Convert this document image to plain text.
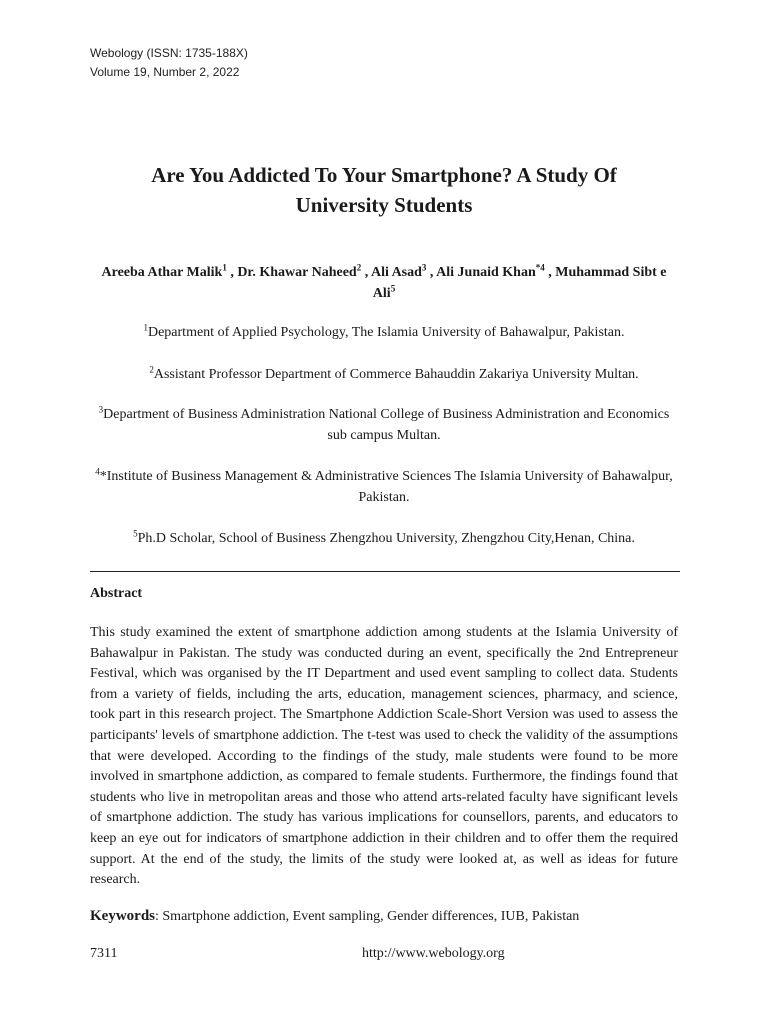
Webology (ISSN: 1735-188X)
Volume 19, Number 2, 2022
Are You Addicted To Your Smartphone? A Study Of
University Students
Areeba Athar Malik$^1$ , Dr. Khawar Naheed$^2$ , Ali Asad$^3$ , Ali Junaid Khan$^{*4}$ , Muhammad Sibt e Ali$^5$
$^1$Department of Applied Psychology, The Islamia University of Bahawalpur, Pakistan.
$^2$Assistant Professor Department of Commerce Bahauddin Zakariya University Multan.
$^3$Department of Business Administration National College of Business Administration and Economics sub campus Multan.
$^4$*Institute of Business Management & Administrative Sciences The Islamia University of Bahawalpur, Pakistan.
$^5$Ph.D Scholar, School of Business Zhengzhou University, Zhengzhou City,Henan, China.
Abstract
This study examined the extent of smartphone addiction among students at the Islamia University of Bahawalpur in Pakistan. The study was conducted during an event, specifically the 2nd Entrepreneur Festival, which was organised by the IT Department and used event sampling to collect data. Students from a variety of fields, including the arts, education, management sciences, pharmacy, and science, took part in this research project. The Smartphone Addiction Scale-Short Version was used to assess the participants' levels of smartphone addiction. The t-test was used to check the validity of the assumptions that were developed. According to the findings of the study, male students were found to be more involved in smartphone addiction, as compared to female students. Furthermore, the findings found that students who live in metropolitan areas and those who attend arts-related faculty have significant levels of smartphone addiction. The study has various implications for counsellors, parents, and educators to keep an eye out for indicators of smartphone addiction in their children and to offer them the required support. At the end of the study, the limits of the study were looked at, as well as ideas for future research.
Keywords: Smartphone addiction, Event sampling, Gender differences, IUB, Pakistan
7311	http://www.webology.org
